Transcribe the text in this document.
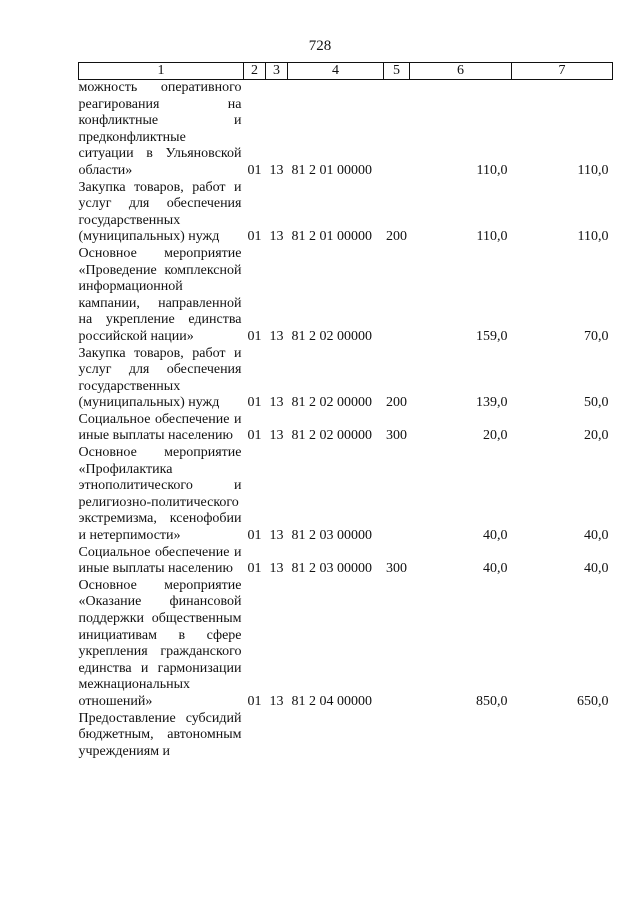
728
1	2	3	4	5	6	7
можность оперативного реагирования на конфликтные и предконфликтные ситуации в Ульяновской области»	01	13	81 2 01 00000		110,0	110,0
Закупка товаров, работ и услуг для обеспечения государственных (муниципальных) нужд	01	13	81 2 01 00000	200	110,0	110,0
Основное мероприятие «Проведение комплексной информационной кампании, направленной на укрепление единства российской нации»	01	13	81 2 02 00000		159,0	70,0
Закупка товаров, работ и услуг для обеспечения государственных (муниципальных) нужд	01	13	81 2 02 00000	200	139,0	50,0
Социальное обеспечение и иные выплаты населению	01	13	81 2 02 00000	300	20,0	20,0
Основное мероприятие «Профилактика этнополитического и религиозно-политического экстремизма, ксенофобии и нетерпимости»	01	13	81 2 03 00000		40,0	40,0
Социальное обеспечение и иные выплаты населению	01	13	81 2 03 00000	300	40,0	40,0
Основное мероприятие «Оказание финансовой поддержки общественным инициативам в сфере укрепления гражданского единства и гармонизации межнациональных отношений»	01	13	81 2 04 00000		850,0	650,0
Предоставление субсидий бюджетным, автономным учреждениям и						
